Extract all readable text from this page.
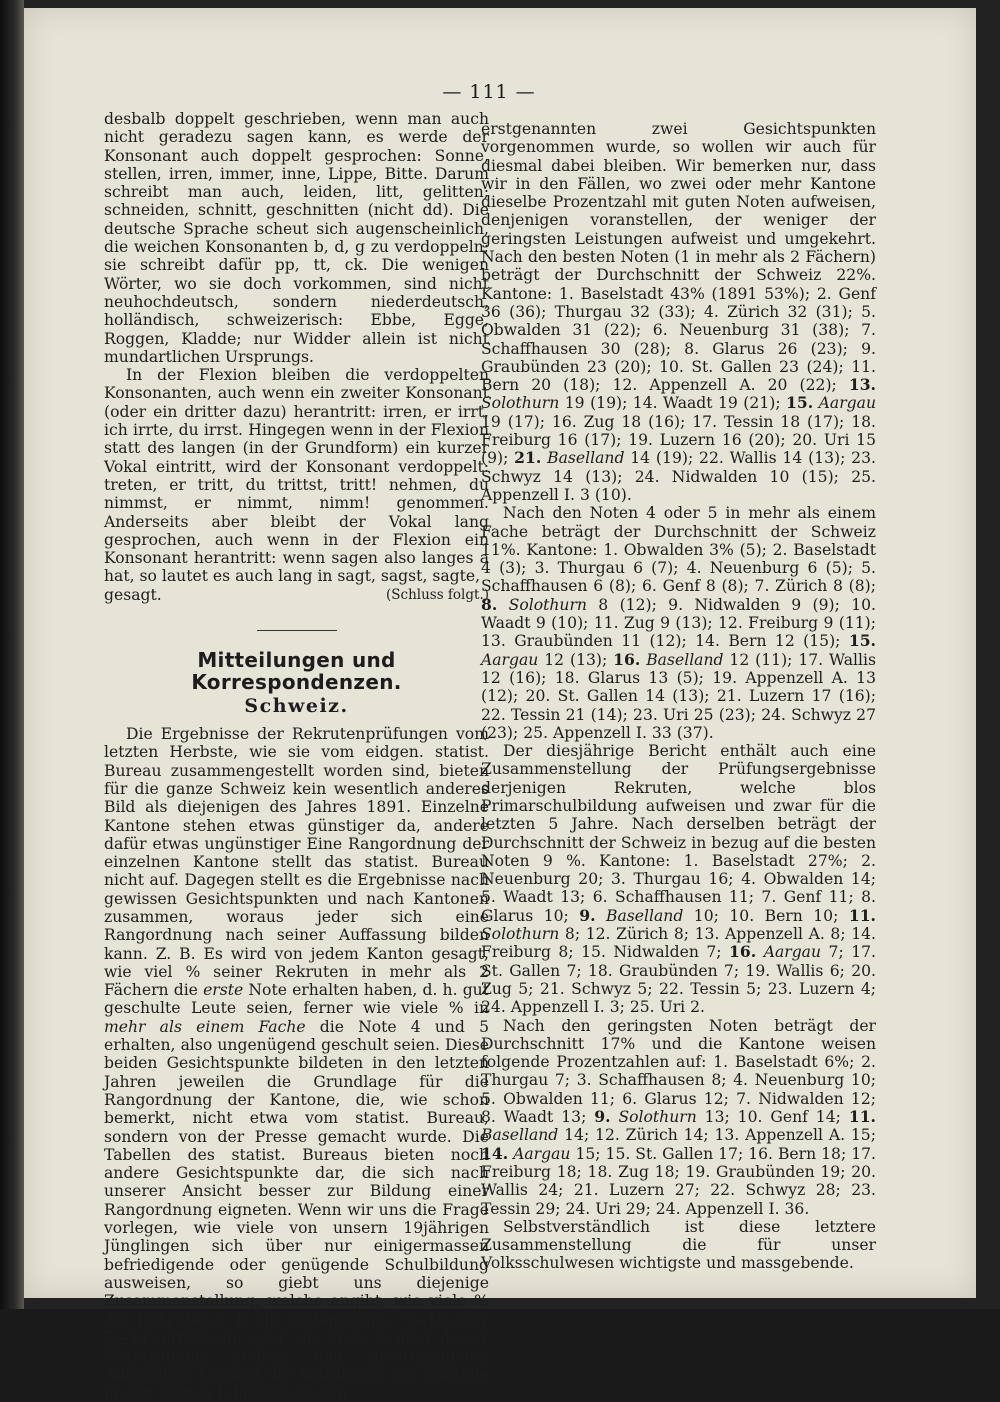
— 111 —

desbalb doppelt geschrieben, wenn man auch nicht geradezu sagen kann, es werde der Konsonant auch doppelt gesprochen: Sonne, stellen, irren, immer, inne, Lippe, Bitte. Darum schreibt man auch, leiden, litt, gelitten; schneiden, schnitt, geschnitten (nicht dd). Die deutsche Sprache scheut sich augenscheinlich, die weichen Konsonanten b, d, g zu verdoppeln; sie schreibt dafür pp, tt, ck. Die wenigen Wörter, wo sie doch vorkommen, sind nicht neuhochdeutsch, sondern niederdeutsch, holländisch, schweizerisch: Ebbe, Egge, Roggen, Kladde; nur Widder allein ist nicht mundartlichen Ursprungs.

In der Flexion bleiben die verdoppelten Konsonanten, auch wenn ein zweiter Konsonant (oder ein dritter dazu) herantritt: irren, er irrt, ich irrte, du irrst. Hingegen wenn in der Flexion statt des langen (in der Grundform) ein kurzer Vokal eintritt, wird der Konsonant verdoppelt: treten, er tritt, du trittst, tritt! nehmen, du nimmst, er nimmt, nimm! genommen. Anderseits aber bleibt der Vokal lang gesprochen, auch wenn in der Flexion ein Konsonant herantritt: wenn sagen also langes a hat, so lautet es auch lang in sagt, sagst, sagte,

gesagt.	(Schluss folgt.)

Mitteilungen und Korrespondenzen.
Schweiz.

Die Ergebnisse der Rekrutenprüfungen vom letzten Herbste, wie sie vom eidgen. statist. Bureau zusammengestellt worden sind, bieten für die ganze Schweiz kein wesentlich anderes Bild als diejenigen des Jahres 1891. Einzelne Kantone stehen etwas günstiger da, andere dafür etwas ungünstiger Eine Rangordnung der einzelnen Kantone stellt das statist. Bureau nicht auf. Dagegen stellt es die Ergebnisse nach gewissen Gesichtspunkten und nach Kantonen zusammen, woraus jeder sich eine Rangordnung nach seiner Auffassung bilden kann. Z. B. Es wird von jedem Kanton gesagt, wie viel % seiner Rekruten in mehr als 2 Fächern die erste Note erhalten haben, d. h. gut geschulte Leute seien, ferner wie viele % in mehr als einem Fache die Note 4 und 5 erhalten, also ungenügend geschult seien. Diese beiden Gesichtspunkte bildeten in den letzten Jahren jeweilen die Grundlage für die Rangordnung der Kantone, die, wie schon bemerkt, nicht etwa vom statist. Bureau, sondern von der Presse gemacht wurde. Die Tabellen des statist. Bureaus bieten noch andere Gesichtspunkte dar, die sich nach unserer Ansicht besser zur Bildung einer Rangordnung eigneten. Wenn wir uns die Frage vorlegen, wie viele von unsern 19jährigen Jünglingen sich über nur einigermassen befriedigende oder genügende Schulbildung ausweisen, so giebt uns diejenige Zusammenstellung, welche angibt, wie viele % der Rekruten z. B. die Notensumme 7—10 oder 7—11 aufweisen, oder wie viele % über dieser Notensumme stehen, den zuverlässigsten Aufschluss. Da aber die Aufzählung der Kantone in den letzten Jahren nach den

erstgenannten zwei Gesichtspunkten vorgenommen wurde, so wollen wir auch für diesmal dabei bleiben. Wir bemerken nur, dass wir in den Fällen, wo zwei oder mehr Kantone dieselbe Prozentzahl mit guten Noten aufweisen, denjenigen voranstellen, der weniger der geringsten Leistungen aufweist und umgekehrt. Nach den besten Noten (1 in mehr als 2 Fächern) beträgt der Durchschnitt der Schweiz 22%. Kantone: 1. Baselstadt 43% (1891 53%); 2. Genf 36 (36); Thurgau 32 (33); 4. Zürich 32 (31); 5. Obwalden 31 (22); 6. Neuenburg 31 (38); 7. Schaffhausen 30 (28); 8. Glarus 26 (23); 9. Graubünden 23 (20); 10. St. Gallen 23 (24); 11. Bern 20 (18); 12. Appenzell A. 20 (22); 13. Solothurn 19 (19); 14. Waadt 19 (21); 15. Aargau 19 (17); 16. Zug 18 (16); 17. Tessin 18 (17); 18. Freiburg 16 (17); 19. Luzern 16 (20); 20. Uri 15 (9); 21. Baselland 14 (19); 22. Wallis 14 (13); 23. Schwyz 14 (13); 24. Nidwalden 10 (15); 25. Appenzell I. 3 (10).

Nach den Noten 4 oder 5 in mehr als einem Fache beträgt der Durchschnitt der Schweiz 11%. Kantone: 1. Obwalden 3% (5); 2. Baselstadt 4 (3); 3. Thurgau 6 (7); 4. Neuenburg 6 (5); 5. Schaffhausen 6 (8); 6. Genf 8 (8); 7. Zürich 8 (8); 8. Solothurn 8 (12); 9. Nidwalden 9 (9); 10. Waadt 9 (10); 11. Zug 9 (13); 12. Freiburg 9 (11); 13. Graubünden 11 (12); 14. Bern 12 (15); 15. Aargau 12 (13); 16. Baselland 12 (11); 17. Wallis 12 (16); 18. Glarus 13 (5); 19. Appenzell A. 13 (12); 20. St. Gallen 14 (13); 21. Luzern 17 (16); 22. Tessin 21 (14); 23. Uri 25 (23); 24. Schwyz 27 (23); 25. Appenzell I. 33 (37).

Der diesjährige Bericht enthält auch eine Zusammenstellung der Prüfungsergebnisse derjenigen Rekruten, welche blos Primarschulbildung aufweisen und zwar für die letzten 5 Jahre. Nach derselben beträgt der Durchschnitt der Schweiz in bezug auf die besten Noten 9 %. Kantone: 1. Baselstadt 27%; 2. Neuenburg 20; 3. Thurgau 16; 4. Obwalden 14; 5. Waadt 13; 6. Schaffhausen 11; 7. Genf 11; 8. Glarus 10; 9. Baselland 10; 10. Bern 10; 11. Solothurn 8; 12. Zürich 8; 13. Appenzell A. 8; 14. Freiburg 8; 15. Nidwalden 7; 16. Aargau 7; 17. St. Gallen 7; 18. Graubünden 7; 19. Wallis 6; 20. Zug 5; 21. Schwyz 5; 22. Tessin 5; 23. Luzern 4; 24. Appenzell I. 3; 25. Uri 2.

Nach den geringsten Noten beträgt der Durchschnitt 17% und die Kantone weisen folgende Prozentzahlen auf: 1. Baselstadt 6%; 2. Thurgau 7; 3. Schaffhausen 8; 4. Neuenburg 10; 5. Obwalden 11; 6. Glarus 12; 7. Nidwalden 12; 8. Waadt 13; 9. Solothurn 13; 10. Genf 14; 11. Baselland 14; 12. Zürich 14; 13. Appenzell A. 15; 14. Aargau 15; 15. St. Gallen 17; 16. Bern 18; 17. Freiburg 18; 18. Zug 18; 19. Graubünden 19; 20. Wallis 24; 21. Luzern 27; 22. Schwyz 28; 23. Tessin 29; 24. Uri 29; 24. Appenzell I. 36.

Selbstverständlich ist diese letztere Zusammenstellung die für unser Volksschulwesen wichtigste und massgebende.
